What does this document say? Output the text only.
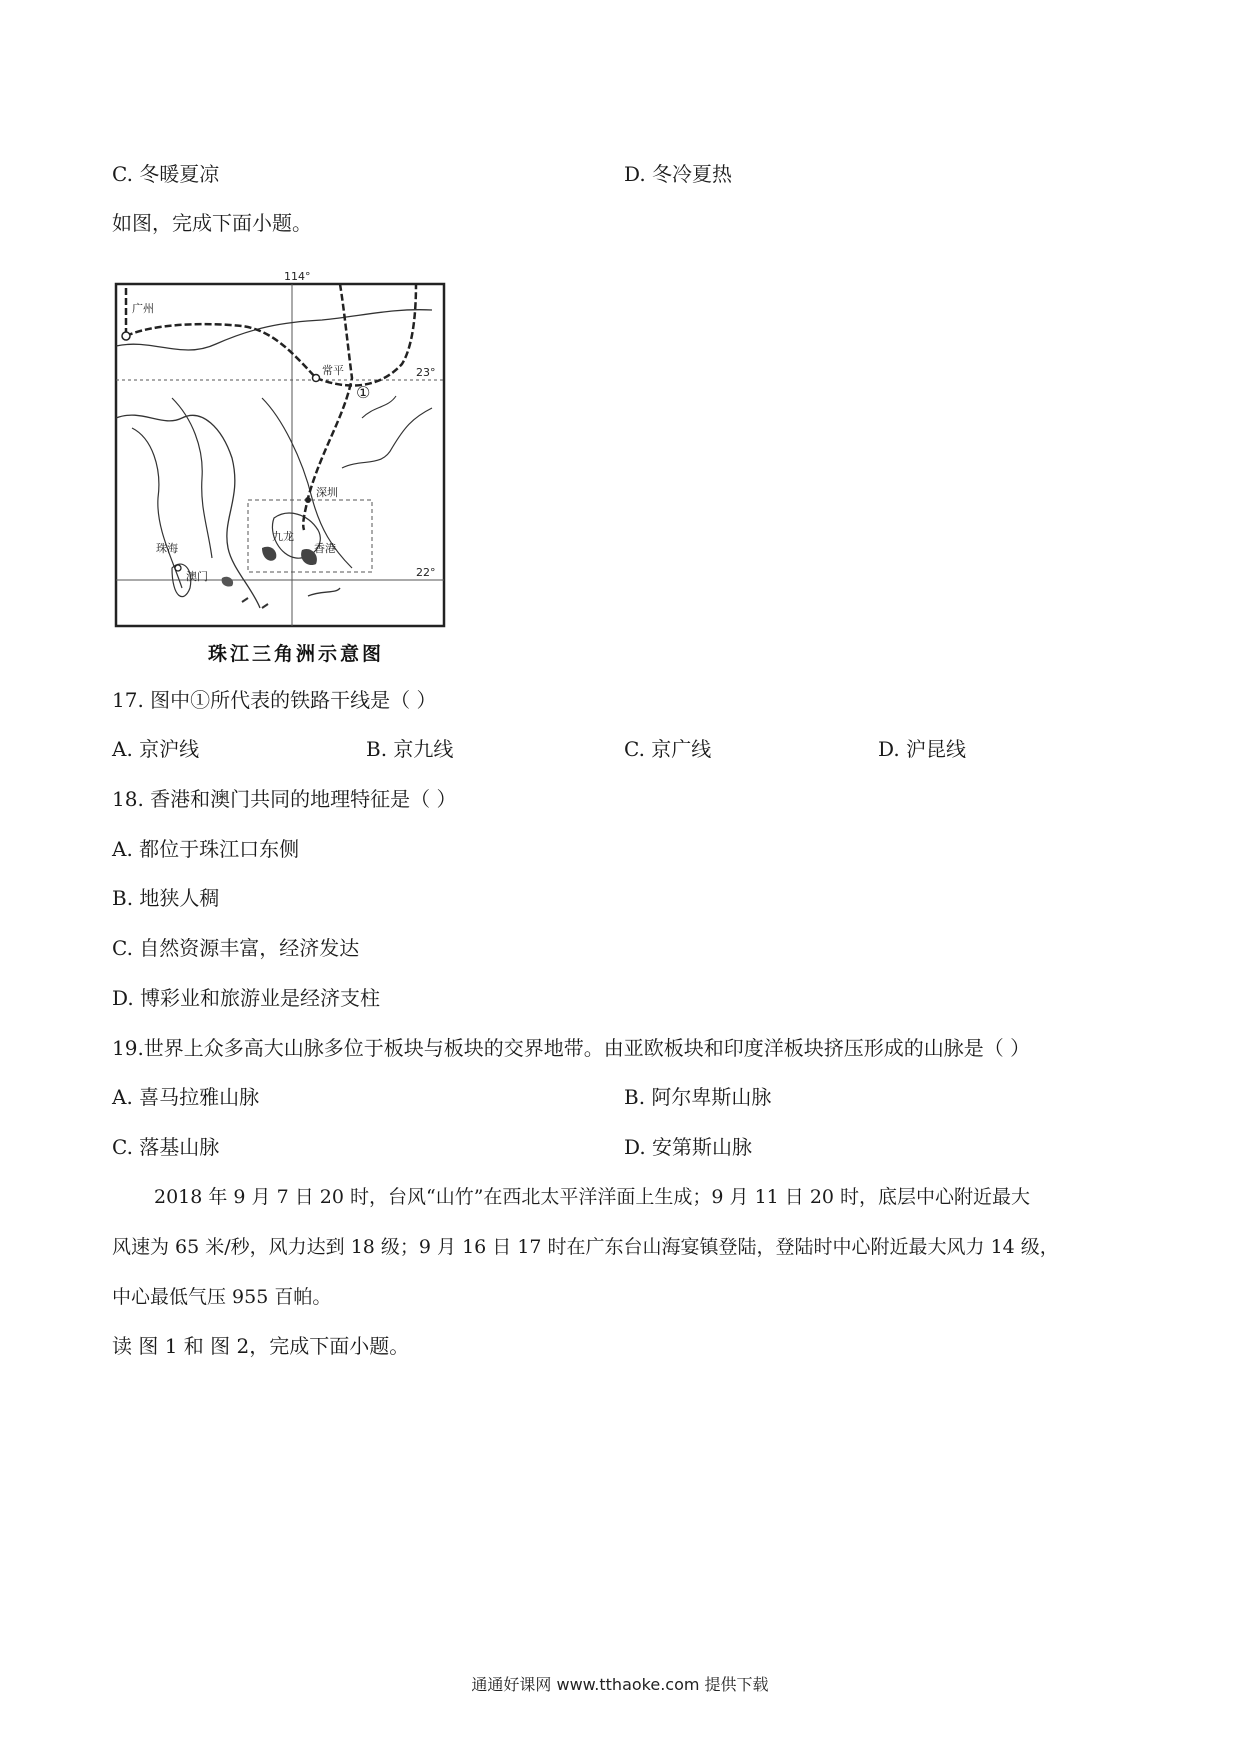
C. 冬暖夏凉	D. 冬冷夏热
如图，完成下面小题。
114°
23°
22°
①
广州
常平
深圳
九龙
香港
珠海
澳门
珠江三角洲示意图
17. 图中①所代表的铁路干线是（ ）
A. 京沪线	B. 京九线	C. 京广线	D. 沪昆线
18. 香港和澳门共同的地理特征是（ ）
A. 都位于珠江口东侧
B. 地狭人稠
C. 自然资源丰富，经济发达
D. 博彩业和旅游业是经济支柱
19.世界上众多高大山脉多位于板块与板块的交界地带。由亚欧板块和印度洋板块挤压形成的山脉是（ ）
A. 喜马拉雅山脉	B. 阿尔卑斯山脉
C. 落基山脉	D. 安第斯山脉
2018 年 9 月 7 日 20 时，台风“山竹”在西北太平洋洋面上生成；9 月 11 日 20 时，底层中心附近最大
风速为 65 米/秒，风力达到 18 级；9 月 16 日 17 时在广东台山海宴镇登陆，登陆时中心附近最大风力 14 级，
中心最低气压 955 百帕。
读 图 1 和 图 2，完成下面小题。
通通好课网 www.tthaoke.com 提供下载
